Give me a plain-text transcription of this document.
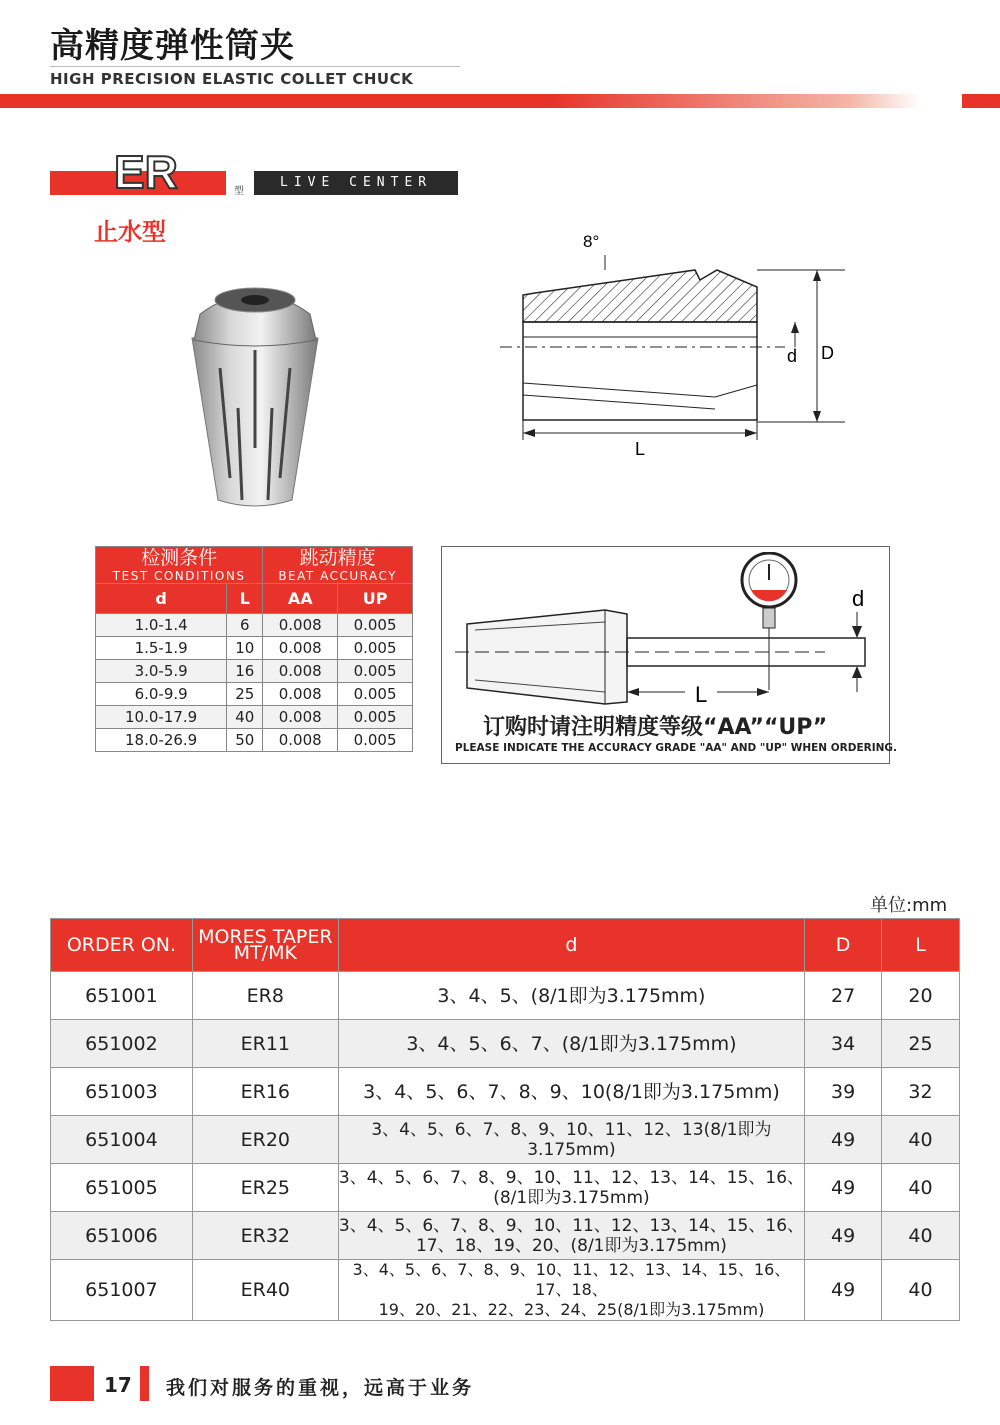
高精度弹性筒夹
HIGH PRECISION ELASTIC COLLET CHUCK
ER	型
LIVE CENTER
止水型	8°
d D
L
检测条件
TEST CONDITIONS		跳动精度
BEAT ACCURACY	

d	L	AA	UP
1.0-1.4	6	0.008	0.005
1.5-1.9	10	0.008	0.005
3.0-5.9	16	0.008	0.005
6.0-9.9	25	0.008	0.005
10.0-17.9	40	0.008	0.005
18.0-26.9	50	0.008	0.005
d
L
订购时请注明精度等级“AA”“UP”
PLEASE INDICATE THE ACCURACY GRADE "AA" AND "UP" WHEN ORDERING.
单位:mm
ORDER ON.	MORES TAPER
MT/MK	d	D	L
651001	ER8	3、4、5、(8/1即为3.175mm)	27	20
651002	ER11	3、4、5、6、7、(8/1即为3.175mm)	34	25
651003	ER16	3、4、5、6、7、8、9、10(8/1即为3.175mm)	39	32
651004	ER20	3、4、5、6、7、8、9、10、11、12、13(8/1即为3.175mm)	49	40
651005	ER25	3、4、5、6、7、8、9、10、11、12、13、14、15、16、
(8/1即为3.175mm)	49	40
651006	ER32	3、4、5、6、7、8、9、10、11、12、13、14、15、16、
17、18、19、20、(8/1即为3.175mm)	49	40
651007	ER40	3、4、5、6、7、8、9、10、11、12、13、14、15、16、17、18、
19、20、21、22、23、24、25(8/1即为3.175mm)	49	40
17 我们对服务的重视，远高于业务
